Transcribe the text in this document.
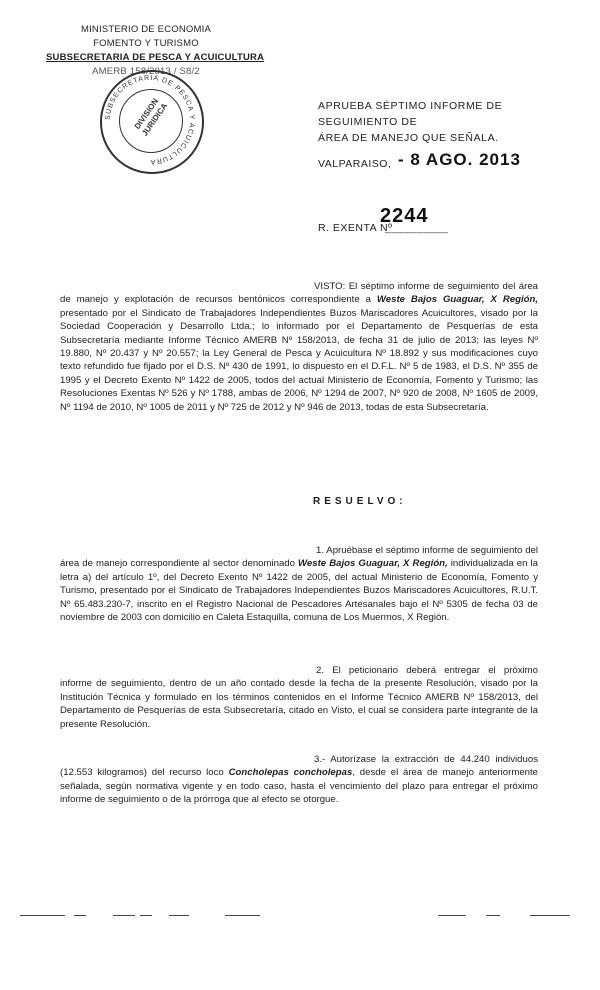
MINISTERIO DE ECONOMIA
FOMENTO Y TURISMO
SUBSECRETARIA DE PESCA Y ACUICULTURA
AMERB 158/2013 / S8/2
SUBSECRETARIA DE PESCA Y ACUICULTURA
DIVISION JURIDICA	APRUEBA SÉPTIMO INFORME DE SEGUIMIENTO DE
ÁREA DE MANEJO QUE SEÑALA.
VALPARAISO, - 8 AGO. 2013
R. EXENTA Nº
2244
__________
VISTO: El séptimo informe de seguimiento del área de manejo y explotación de recursos bentónicos correspondiente a Weste Bajos Guaguar, X Región, presentado por el Sindicato de Trabajadores Independientes Buzos Mariscadores Acuicultores, visado por la Sociedad Cooperación y Desarrollo Ltda.; lo informado por el Departamento de Pesquerías de esta Subsecretaría mediante Informe Técnico AMERB Nº 158/2013, de fecha 31 de julio de 2013; las leyes Nº 19.880, Nº 20.437 y Nº 20.557; la Ley General de Pesca y Acuicultura Nº 18.892 y sus modificaciones cuyo texto refundido fue fijado por el D.S. Nº 430 de 1991, lo dispuesto en el D.F.L. Nº 5 de 1983, el D.S. Nº 355 de 1995 y el Decreto Exento Nº 1422 de 2005, todos del actual Ministerio de Economía, Fomento y Turismo; las Resoluciones Exentas Nº 526 y Nº 1788, ambas de 2006, Nº 1294 de 2007, Nº 920 de 2008, Nº 1605 de 2009, Nº 1194 de 2010, Nº 1005 de 2011 y Nº 725 de 2012 y Nº 946 de 2013, todas de esta Subsecretaría.
RESUELVO:
1. Apruébase el séptimo informe de seguimiento del área de manejo correspondiente al sector denominado Weste Bajos Guaguar, X Región, individualizada en la letra a) del artículo 1º, del Decreto Exento Nº 1422 de 2005, del actual Ministerio de Economía, Fomento y Turismo, presentado por el Sindicato de Trabajadores Independientes Buzos Mariscadores Acuicultores, R.U.T. Nº 65.483.230-7, inscrito en el Registro Nacional de Pescadores Artesanales bajo el Nº 5305 de fecha 03 de noviembre de 2003 con domicilio en Caleta Estaquilla, comuna de Los Muermos, X Región.
2. El peticionario deberá entregar el próximo informe de seguimiento, dentro de un año contado desde la fecha de la presente Resolución, visado por la Institución Técnica y formulado en los términos contenidos en el Informe Técnico AMERB Nº 158/2013, del Departamento de Pesquerías de esta Subsecretaría, citado en Visto, el cual se considera parte integrante de la presente Resolución.
3.- Autorízase la extracción de 44.240 individuos (12.553 kilogramos) del recurso loco Concholepas concholepas, desde el área de manejo anteriormente señalada, según normativa vigente y en todo caso, hasta el vencimiento del plazo para entregar el próximo informe de seguimiento o de la prórroga que al efecto se otorgue.
